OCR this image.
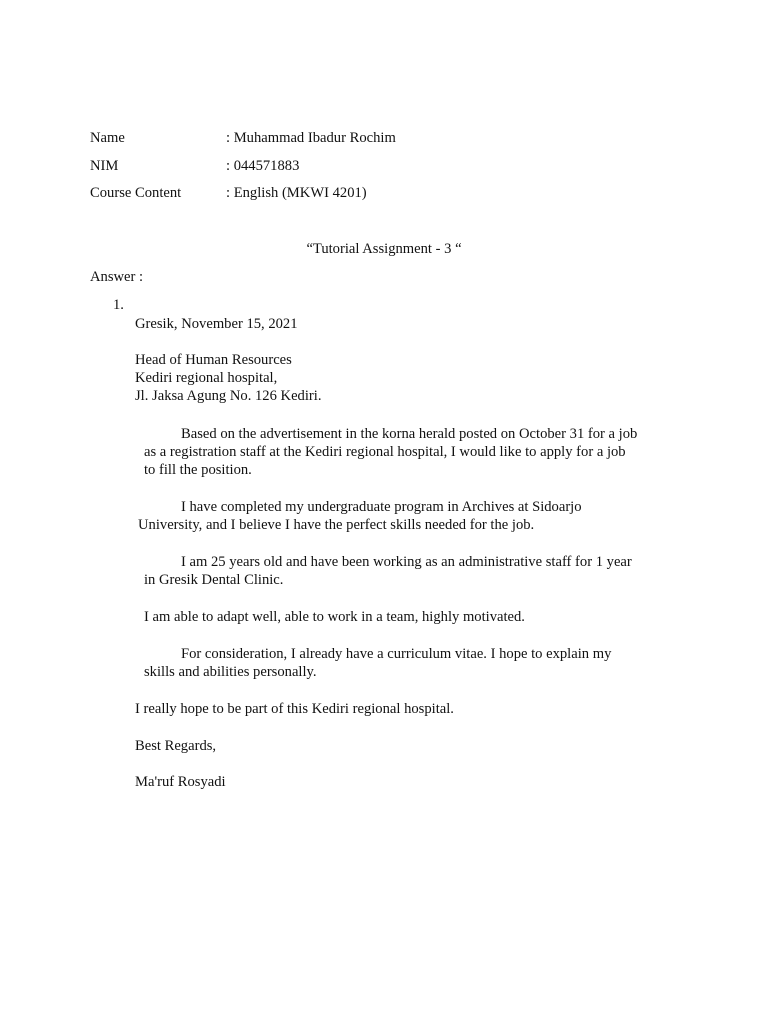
Name	: Muhammad Ibadur Rochim
NIM	: 044571883
Course Content	: English (MKWI 4201)
“Tutorial Assignment - 3 “
Answer :
1.
Gresik, November 15, 2021
Head of Human Resources
Kediri regional hospital,
Jl. Jaksa Agung No. 126 Kediri.
Based on the advertisement in the korna herald posted on October 31 for a job
as a registration staff at the Kediri regional hospital, I would like to apply for a job
to fill the position.
I have completed my undergraduate program in Archives at Sidoarjo
University, and I believe I have the perfect skills needed for the job.
I am 25 years old and have been working as an administrative staff for 1 year
in Gresik Dental Clinic.
I am able to adapt well, able to work in a team, highly motivated.
For consideration, I already have a curriculum vitae. I hope to explain my
skills and abilities personally.
I really hope to be part of this Kediri regional hospital.
Best Regards,
Ma'ruf Rosyadi
